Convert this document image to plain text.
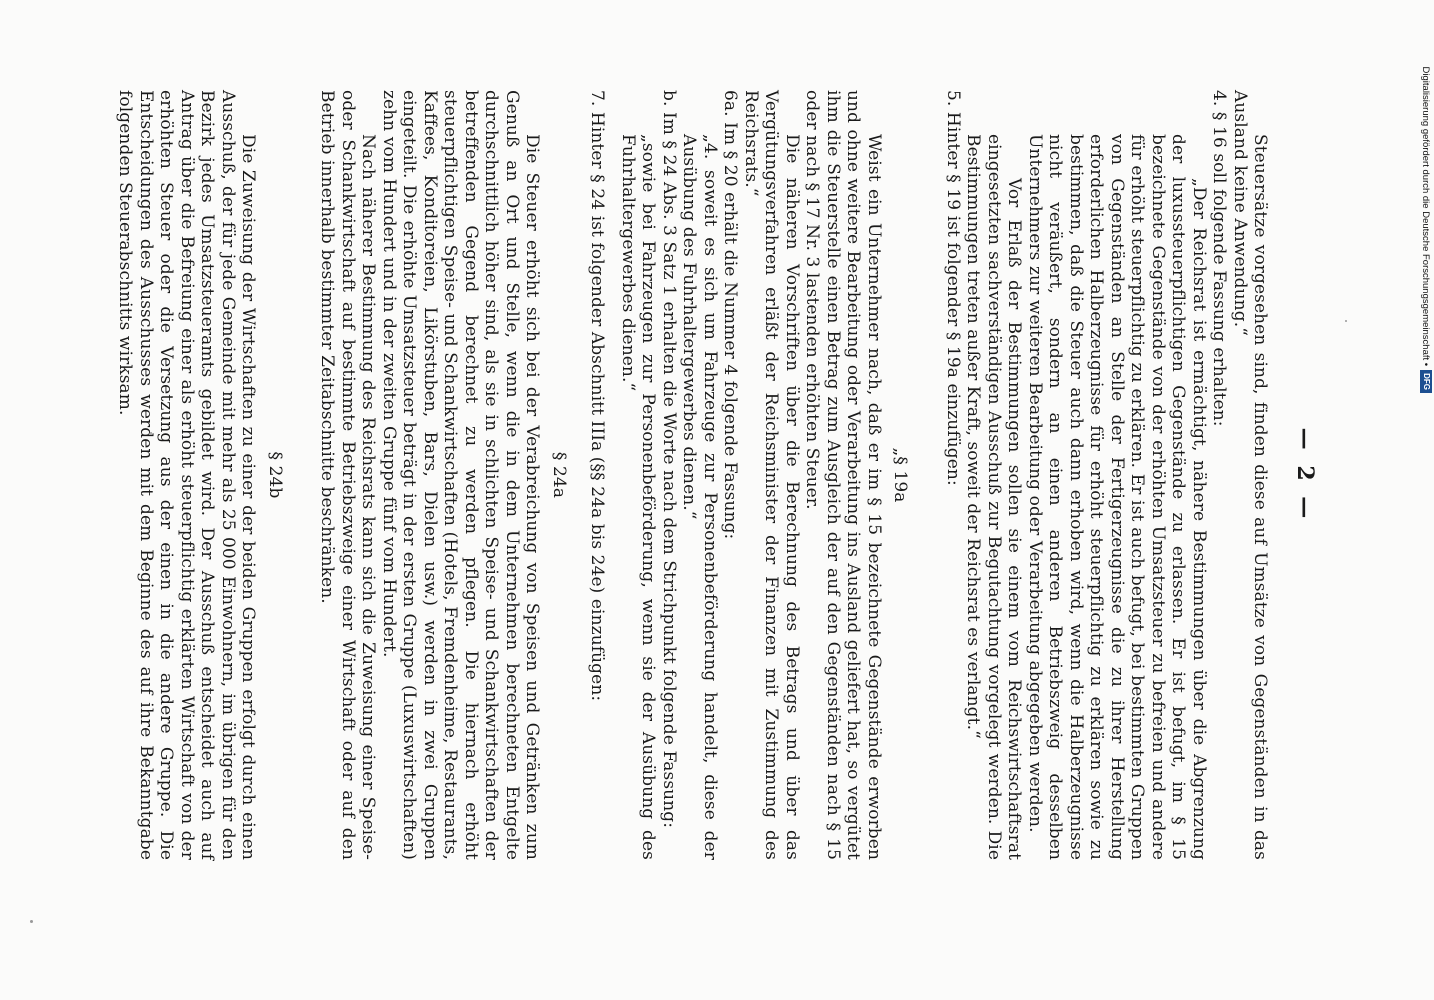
— 2 —

Steuersätze vorgesehen sind, finden diese auf Umsätze von Gegenständen in das Ausland keine Anwendung.“

4. § 16 soll folgende Fassung erhalten:

„Der Reichsrat ist ermächtigt, nähere Bestimmungen über die Abgrenzung der luxussteuerpflichtigen Gegenstände zu erlassen. Er ist befugt, im § 15 bezeichnete Gegenstände von der erhöhten Umsatzsteuer zu befreien und andere für erhöht steuerpflichtig zu erklären. Er ist auch befugt, bei bestimmten Gruppen von Gegenständen an Stelle der Fertigerzeugnisse die zu ihrer Herstellung erforderlichen Halberzeugnisse für erhöht steuerpflichtig zu erklären sowie zu bestimmen, daß die Steuer auch dann erhoben wird, wenn die Halberzeugnisse nicht veräußert, sondern an einen anderen Betriebszweig desselben Unternehmers zur weiteren Bearbeitung oder Verarbeitung abgegeben werden.

Vor Erlaß der Bestimmungen sollen sie einem vom Reichswirtschaftsrat eingesetzten sachverständigen Ausschuß zur Begutachtung vorgelegt werden. Die Bestimmungen treten außer Kraft, soweit der Reichsrat es verlangt.“

5. Hinter § 19 ist folgender § 19a einzufügen:

„§ 19a

Weist ein Unternehmer nach, daß er im § 15 bezeichnete Gegenstände erworben und ohne weitere Bearbeitung oder Verarbeitung ins Ausland geliefert hat, so vergütet ihm die Steuerstelle einen Betrag zum Ausgleich der auf den Gegenständen nach § 15 oder nach § 17 Nr. 3 lastenden erhöhten Steuer.

Die näheren Vorschriften über die Berechnung des Betrags und über das Vergütungsverfahren erläßt der Reichsminister der Finanzen mit Zustimmung des Reichsrats.“

6a. Im § 20 erhält die Nummer 4 folgende Fassung:

„4. soweit es sich um Fahrzeuge zur Personenbeförderung handelt, diese der Ausübung des Fuhrhaltergewerbes dienen.“

b. Im § 24 Abs. 3 Satz 1 erhalten die Worte nach dem Strichpunkt folgende Fassung:

„sowie bei Fahrzeugen zur Personenbeförderung, wenn sie der Ausübung des Fuhrhaltergewerbes dienen.“

7. Hinter § 24 ist folgender Abschnitt IIIa (§§ 24a bis 24e) einzufügen:

§ 24a

Die Steuer erhöht sich bei der Verabreichung von Speisen und Getränken zum Genuß an Ort und Stelle, wenn die in dem Unternehmen berechneten Entgelte durchschnittlich höher sind, als sie in schlichten Speise- und Schankwirtschaften der betreffenden Gegend berechnet zu werden pflegen. Die hiernach erhöht steuerpflichtigen Speise- und Schankwirtschaften (Hotels, Fremdenheime, Restaurants, Kaffees, Konditoreien, Likörstuben, Bars, Dielen usw.) werden in zwei Gruppen eingeteilt. Die erhöhte Umsatzsteuer beträgt in der ersten Gruppe (Luxuswirtschaften) zehn vom Hundert und in der zweiten Gruppe fünf vom Hundert.

Nach näherer Bestimmung des Reichsrats kann sich die Zuweisung einer Speise- oder Schankwirtschaft auf bestimmte Betriebszweige einer Wirtschaft oder auf den Betrieb innerhalb bestimmter Zeitabschnitte beschränken.

§ 24b

Die Zuweisung der Wirtschaften zu einer der beiden Gruppen erfolgt durch einen Ausschuß, der für jede Gemeinde mit mehr als 25 000 Einwohnern, im übrigen für den Bezirk jedes Umsatzsteueramts gebildet wird. Der Ausschuß entscheidet auch auf Antrag über die Befreiung einer als erhöht steuerpflichtig erklärten Wirtschaft von der erhöhten Steuer oder die Versetzung aus der einen in die andere Gruppe. Die Entscheidungen des Ausschusses werden mit dem Beginne des auf ihre Bekanntgabe folgenden Steuerabschnitts wirksam.	Digitalisierung gefördert durch die Deutsche Forschungsgemeinschaft •DFG
